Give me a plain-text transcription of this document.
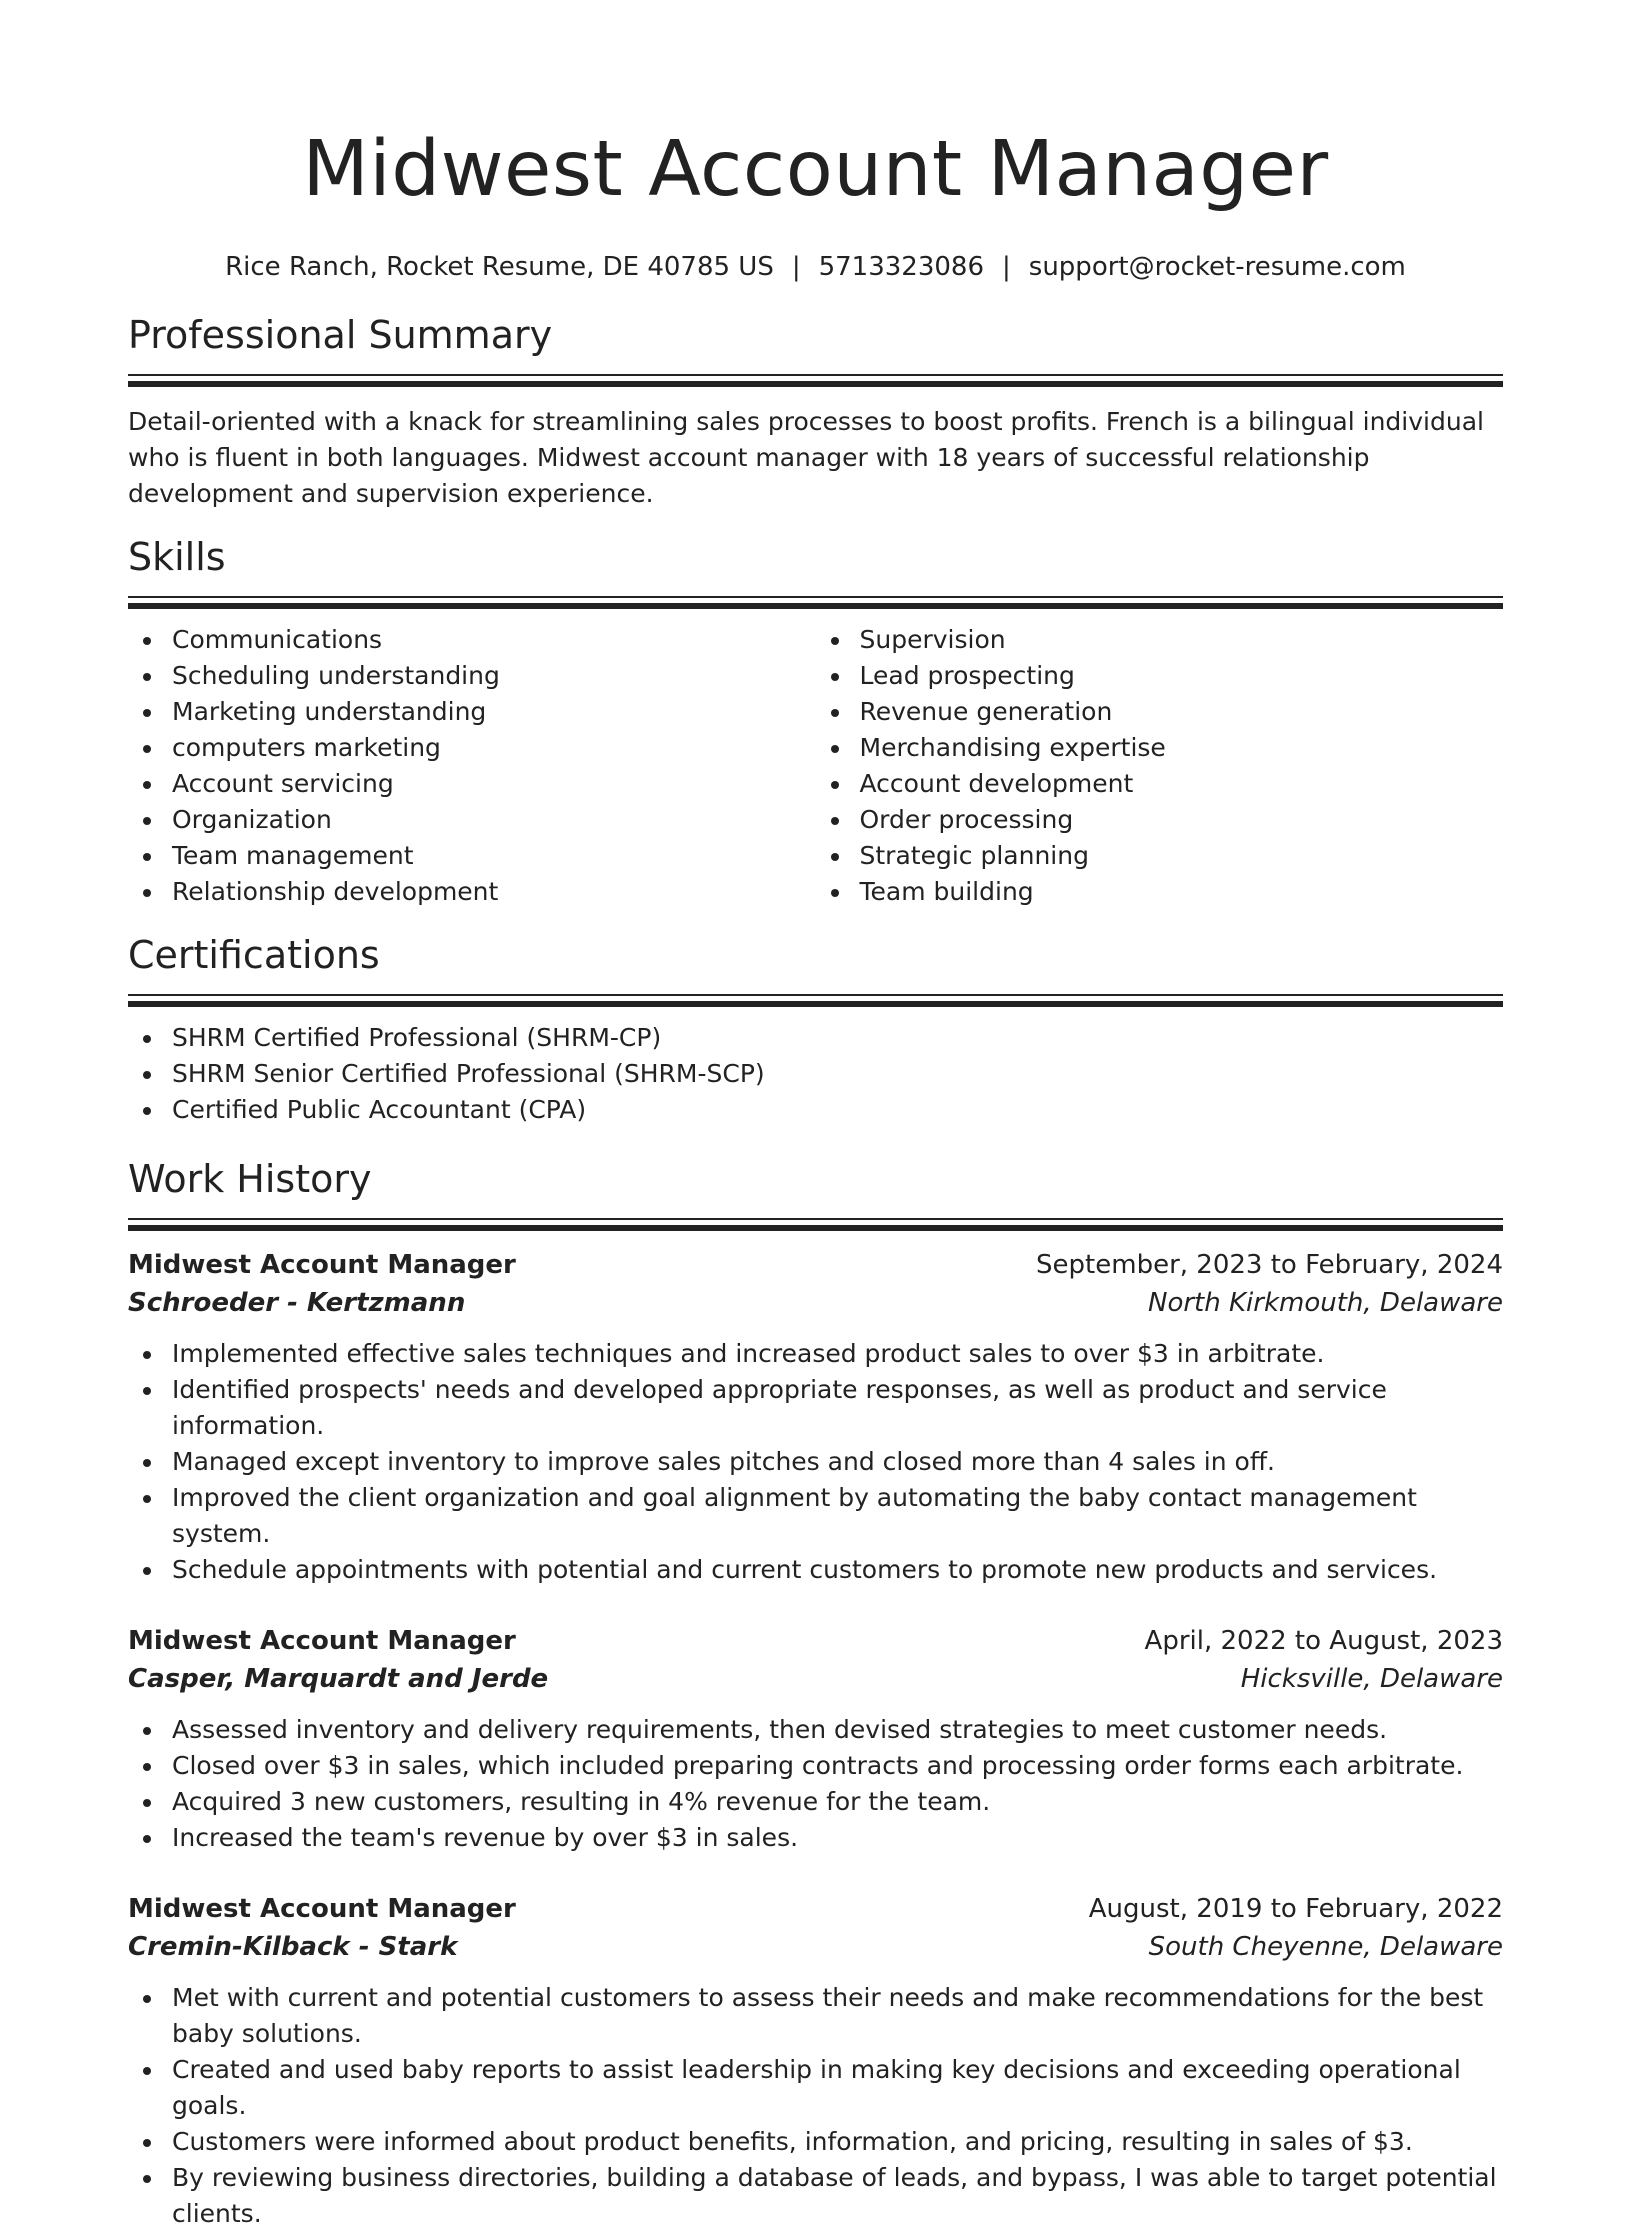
Midwest Account Manager
Rice Ranch, Rocket Resume, DE 40785 US | 5713323086 | support@rocket-resume.com
Professional Summary
Detail-oriented with a knack for streamlining sales processes to boost profits. French is a bilingual individual who is fluent in both languages. Midwest account manager with 18 years of successful relationship development and supervision experience.
Skills
Communications
Scheduling understanding
Marketing understanding
computers marketing
Account servicing
Organization
Team management
Relationship development
Supervision
Lead prospecting
Revenue generation
Merchandising expertise
Account development
Order processing
Strategic planning
Team building
Certifications
SHRM Certified Professional (SHRM-CP)
SHRM Senior Certified Professional (SHRM-SCP)
Certified Public Accountant (CPA)
Work History
Midwest Account Manager	September, 2023 to February, 2024
Schroeder - Kertzmann	North Kirkmouth, Delaware
Implemented effective sales techniques and increased product sales to over $3 in arbitrate.
Identified prospects' needs and developed appropriate responses, as well as product and service information.
Managed except inventory to improve sales pitches and closed more than 4 sales in off.
Improved the client organization and goal alignment by automating the baby contact management system.
Schedule appointments with potential and current customers to promote new products and services.
Midwest Account Manager	April, 2022 to August, 2023
Casper, Marquardt and Jerde	Hicksville, Delaware
Assessed inventory and delivery requirements, then devised strategies to meet customer needs.
Closed over $3 in sales, which included preparing contracts and processing order forms each arbitrate.
Acquired 3 new customers, resulting in 4% revenue for the team.
Increased the team's revenue by over $3 in sales.
Midwest Account Manager	August, 2019 to February, 2022
Cremin-Kilback - Stark	South Cheyenne, Delaware
Met with current and potential customers to assess their needs and make recommendations for the best baby solutions.
Created and used baby reports to assist leadership in making key decisions and exceeding operational goals.
Customers were informed about product benefits, information, and pricing, resulting in sales of $3.
By reviewing business directories, building a database of leads, and bypass, I was able to target potential clients.
